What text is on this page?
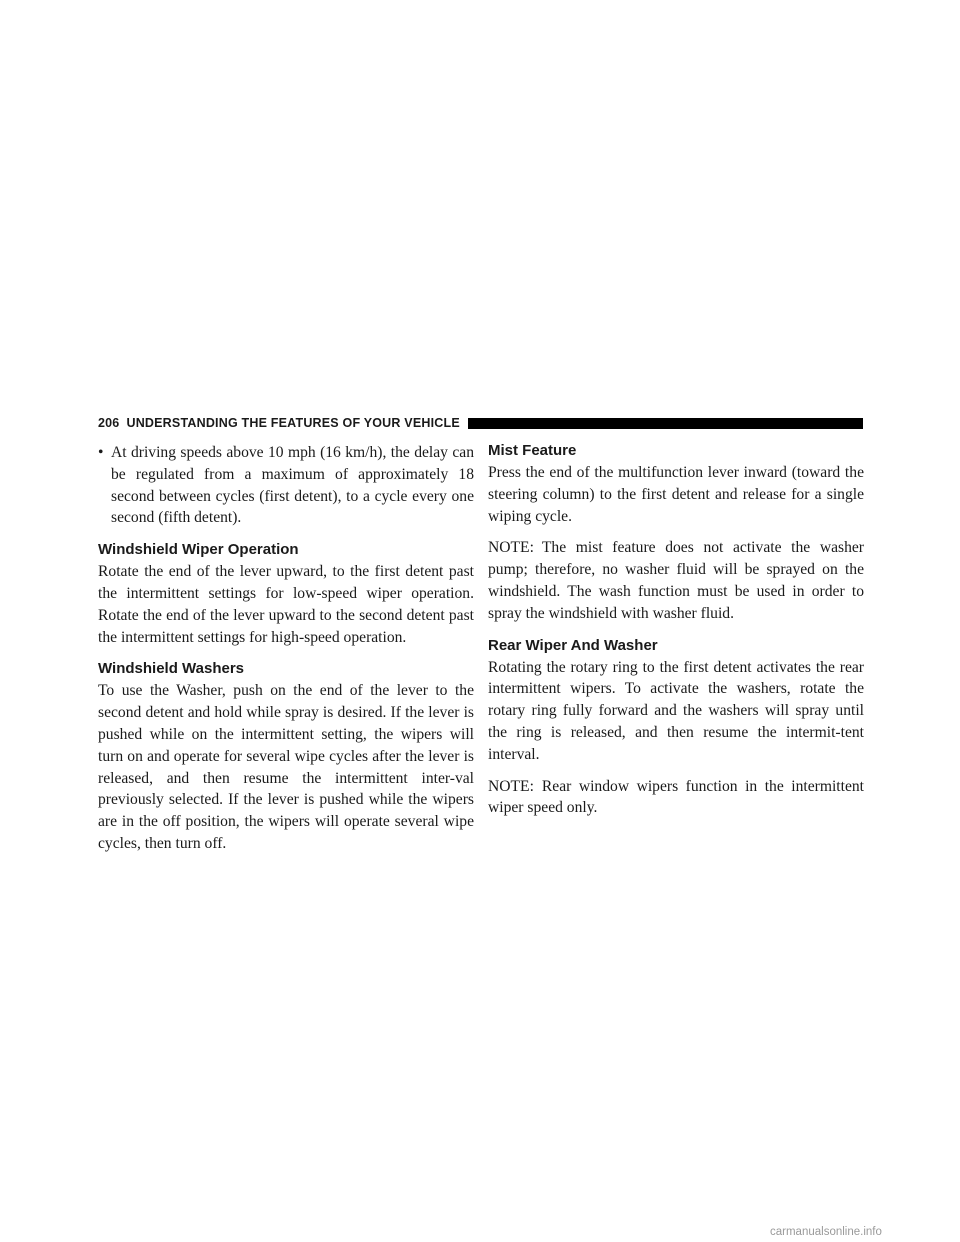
206 UNDERSTANDING THE FEATURES OF YOUR VEHICLE
• At driving speeds above 10 mph (16 km/h), the delay can be regulated from a maximum of approximately 18 second between cycles (first detent), to a cycle every one second (fifth detent).
Windshield Wiper Operation

Rotate the end of the lever upward, to the first detent past the intermittent settings for low-speed wiper operation. Rotate the end of the lever upward to the second detent past the intermittent settings for high-speed operation.

Windshield Washers

To use the Washer, push on the end of the lever to the second detent and hold while spray is desired. If the lever is pushed while on the intermittent setting, the wipers will turn on and operate for several wipe cycles after the lever is released, and then resume the intermittent inter-val previously selected. If the lever is pushed while the wipers are in the off position, the wipers will operate several wipe cycles, then turn off.

Mist Feature

Press the end of the multifunction lever inward (toward the steering column) to the first detent and release for a single wiping cycle.

NOTE: The mist feature does not activate the washer pump; therefore, no washer fluid will be sprayed on the windshield. The wash function must be used in order to spray the windshield with washer fluid.

Rear Wiper And Washer

Rotating the rotary ring to the first detent activates the rear intermittent wipers. To activate the washers, rotate the rotary ring fully forward and the washers will spray until the ring is released, and then resume the intermit-tent interval.

NOTE: Rear window wipers function in the intermittent wiper speed only.

carmanualsonline.info
